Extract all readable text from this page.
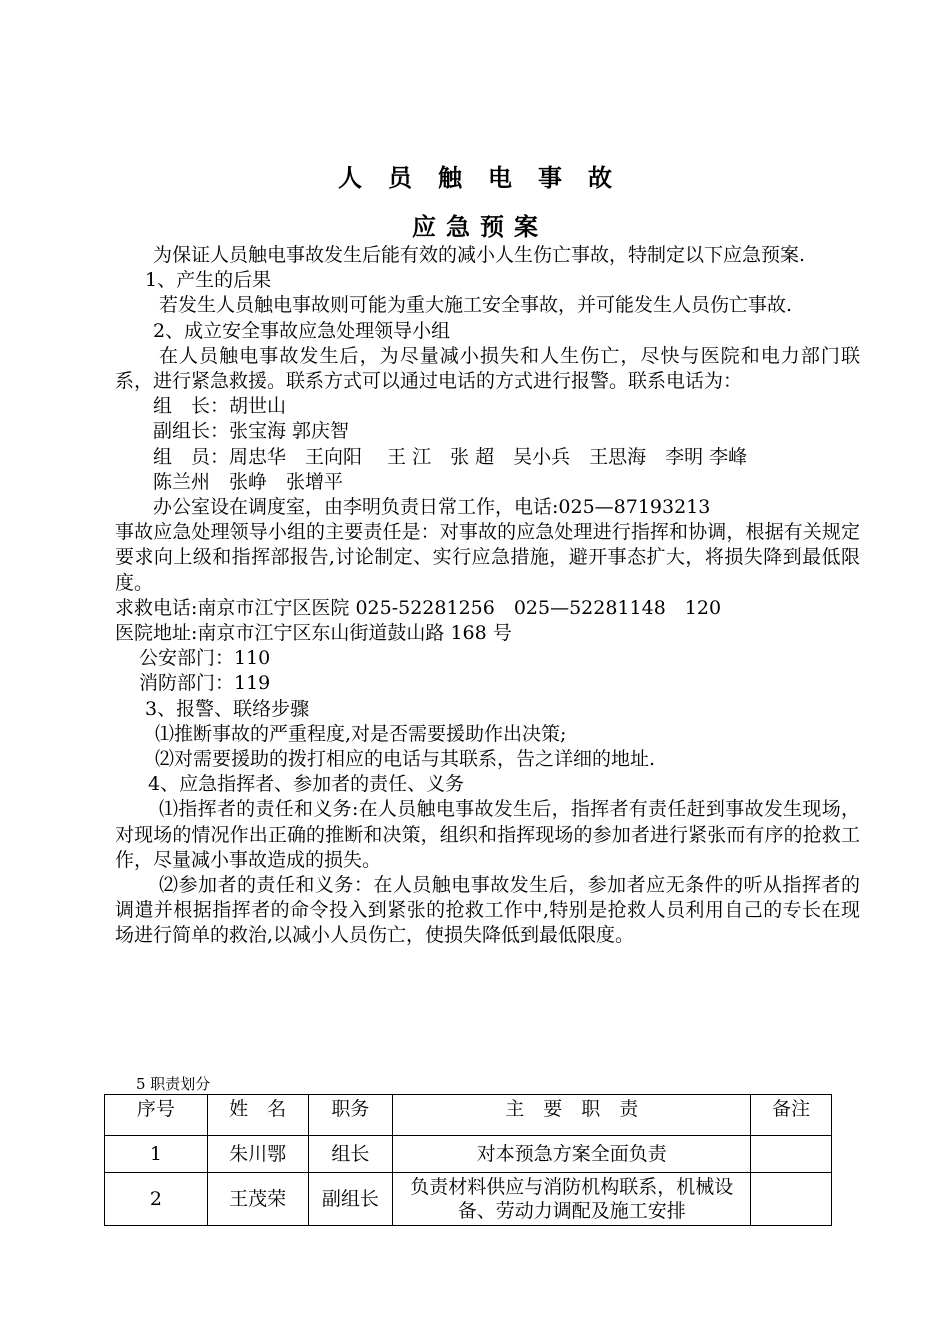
人员触电事故
应急预案

为保证人员触电事故发生后能有效的减小人生伤亡事故，特制定以下应急预案.

1、产生的后果

若发生人员触电事故则可能为重大施工安全事故，并可能发生人员伤亡事故.

2、成立安全事故应急处理领导小组

在人员触电事故发生后，为尽量减小损失和人生伤亡，尽快与医院和电力部门联系，进行紧急救援。联系方式可以通过电话的方式进行报警。联系电话为：

组　长：胡世山

副组长：张宝海 郭庆智

组　员：周忠华　王向阳　 王 江　张 超　吴小兵　王思海　李明 李峰

陈兰州　张峥　张增平

办公室设在调度室，由李明负责日常工作，电话:025—87193213

事故应急处理领导小组的主要责任是：对事故的应急处理进行指挥和协调，根据有关规定要求向上级和指挥部报告,讨论制定、实行应急措施，避开事态扩大，将损失降到最低限度。

求救电话:南京市江宁区医院 025-52281256　025—52281148　120

医院地址:南京市江宁区东山街道鼓山路 168 号

公安部门：110

消防部门：119

3、报警、联络步骤

⑴推断事故的严重程度,对是否需要援助作出决策;

⑵对需要援助的拨打相应的电话与其联系，告之详细的地址.

4、应急指挥者、参加者的责任、义务

⑴指挥者的责任和义务:在人员触电事故发生后，指挥者有责任赶到事故发生现场，对现场的情况作出正确的推断和决策，组织和指挥现场的参加者进行紧张而有序的抢救工作，尽量减小事故造成的损失。

⑵参加者的责任和义务：在人员触电事故发生后，参加者应无条件的听从指挥者的调遣并根据指挥者的命令投入到紧张的抢救工作中,特别是抢救人员利用自己的专长在现场进行简单的救治,以减小人员伤亡，使损失降低到最低限度。

5 职责划分
序号	姓　名	职务	主　要　职　责	备注
1	朱川鄂	组长	对本预急方案全面负责	
2	王茂荣	副组长	负责材料供应与消防机构联系，机械设备、劳动力调配及施工安排	
